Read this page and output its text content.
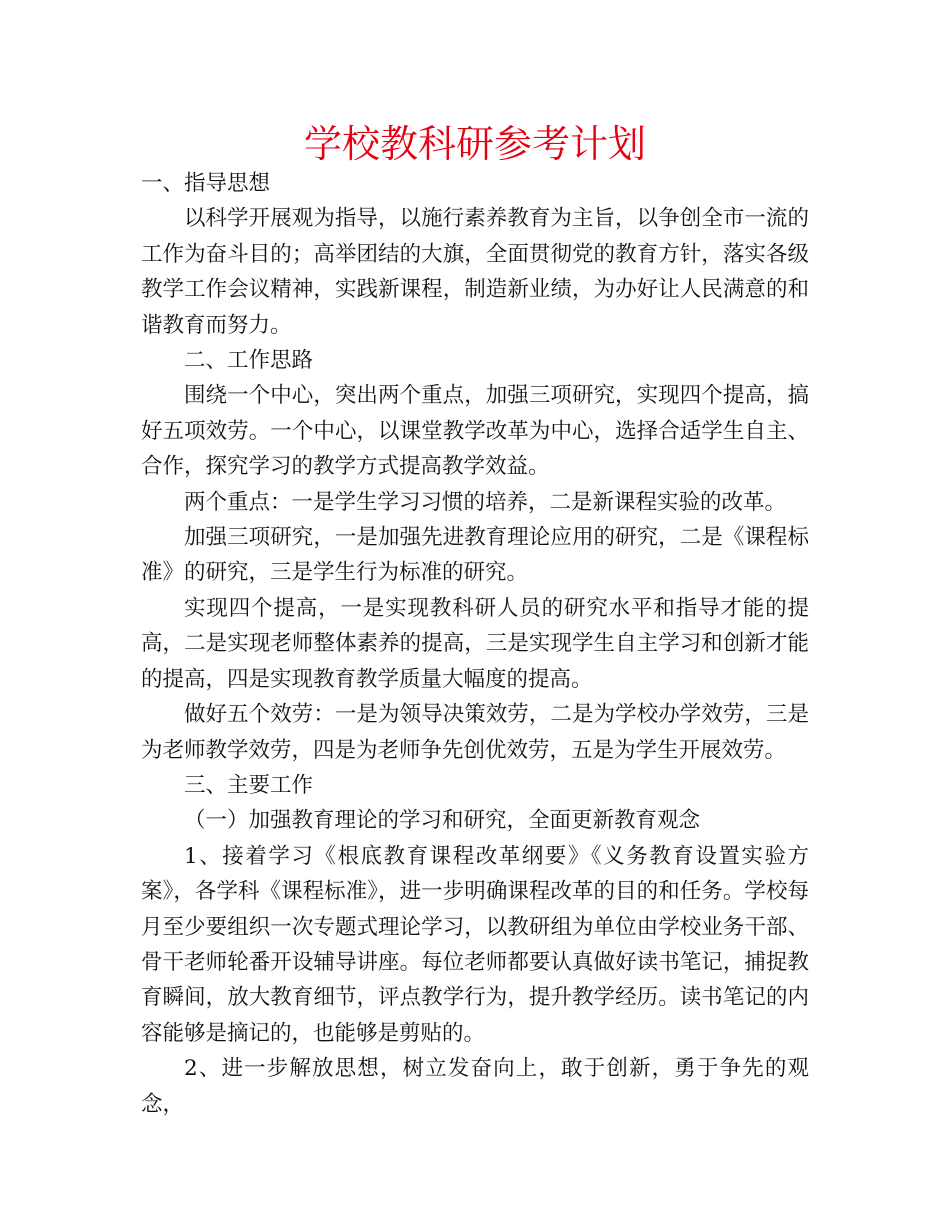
学校教科研参考计划

一、指导思想

以科学开展观为指导，以施行素养教育为主旨，以争创全市一流的工作为奋斗目的；高举团结的大旗，全面贯彻党的教育方针，落实各级教学工作会议精神，实践新课程，制造新业绩，为办好让人民满意的和谐教育而努力。

二、工作思路

围绕一个中心，突出两个重点，加强三项研究，实现四个提高，搞好五项效劳。一个中心，以课堂教学改革为中心，选择合适学生自主、合作，探究学习的教学方式提高教学效益。

两个重点：一是学生学习习惯的培养，二是新课程实验的改革。

加强三项研究，一是加强先进教育理论应用的研究，二是《课程标准》的研究，三是学生行为标准的研究。

实现四个提高，一是实现教科研人员的研究水平和指导才能的提高，二是实现老师整体素养的提高，三是实现学生自主学习和创新才能的提高，四是实现教育教学质量大幅度的提高。

做好五个效劳：一是为领导决策效劳，二是为学校办学效劳，三是为老师教学效劳，四是为老师争先创优效劳，五是为学生开展效劳。

三、主要工作

（一）加强教育理论的学习和研究，全面更新教育观念

1、接着学习《根底教育课程改革纲要》《义务教育设置实验方案》，各学科《课程标准》，进一步明确课程改革的目的和任务。学校每月至少要组织一次专题式理论学习，以教研组为单位由学校业务干部、骨干老师轮番开设辅导讲座。每位老师都要认真做好读书笔记，捕捉教育瞬间，放大教育细节，评点教学行为，提升教学经历。读书笔记的内容能够是摘记的，也能够是剪贴的。

2、进一步解放思想，树立发奋向上，敢于创新，勇于争先的观念，
